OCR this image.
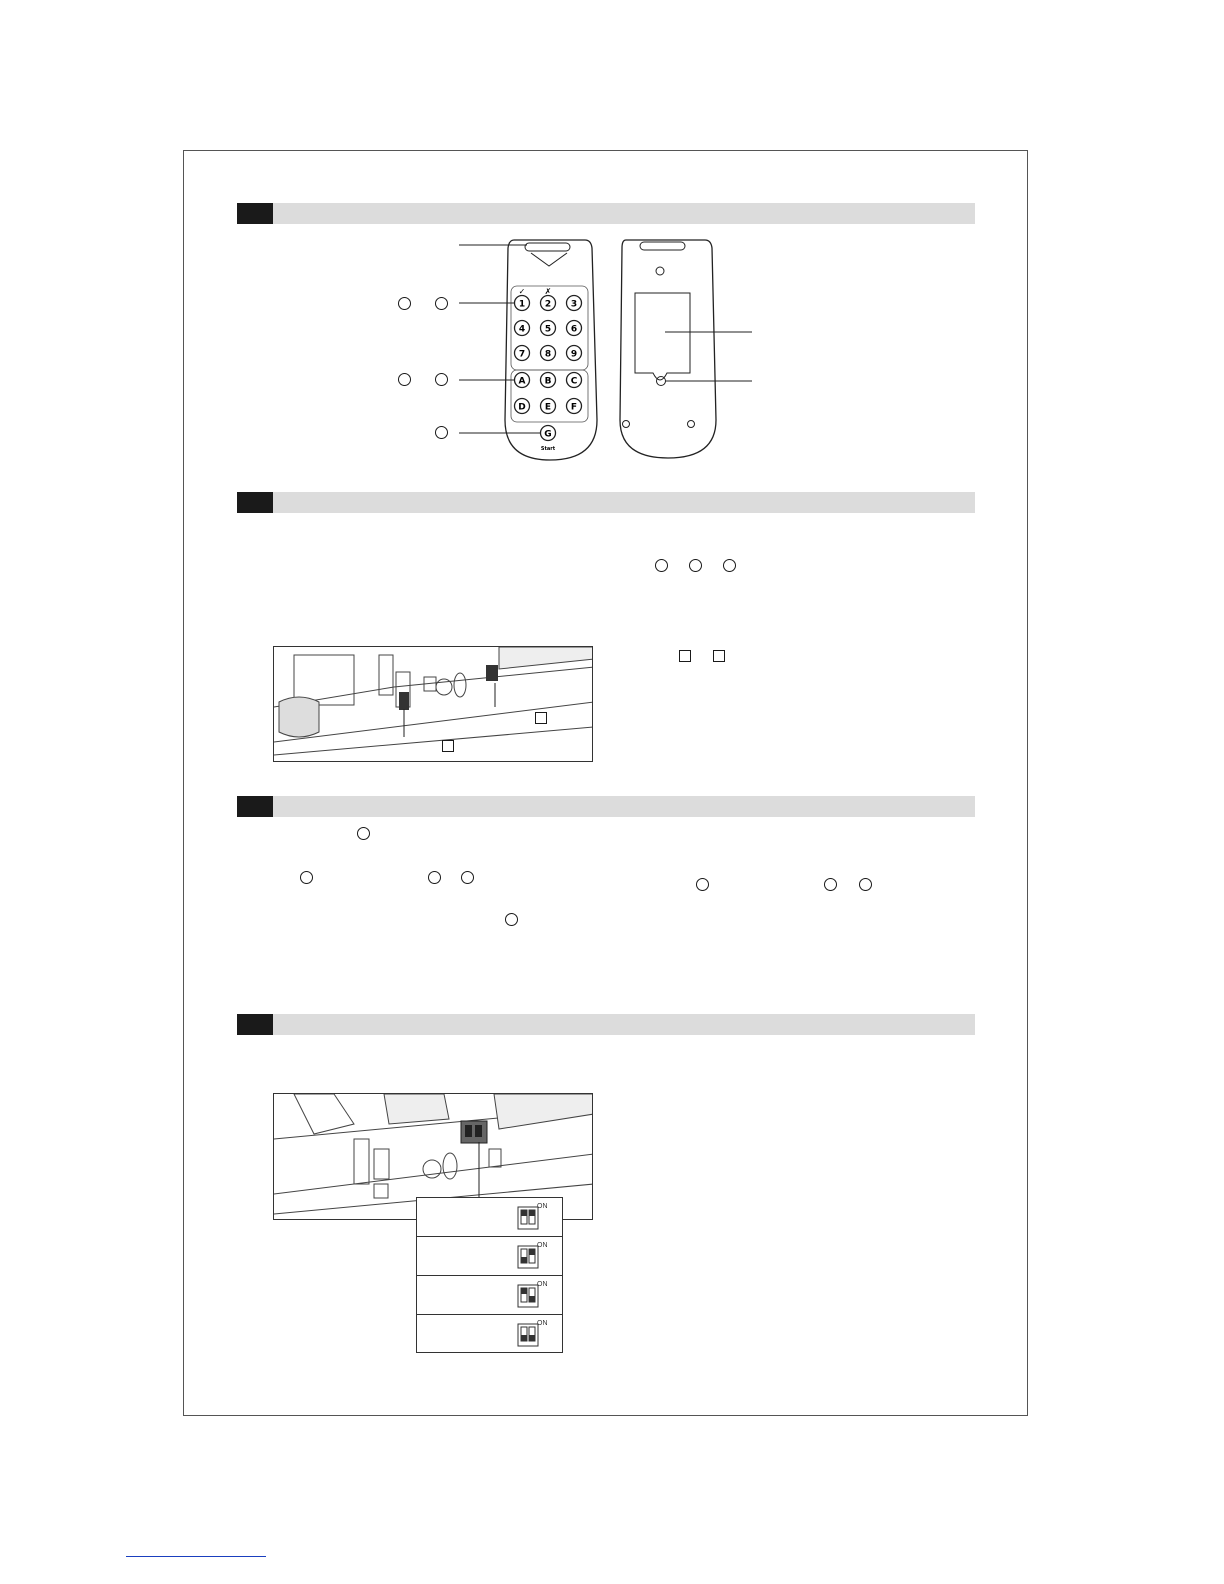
1 2 3
4 5 6
7 8 9
A B C
D E F
G
✓ ✗
Start
ON
ON
ON
ON
